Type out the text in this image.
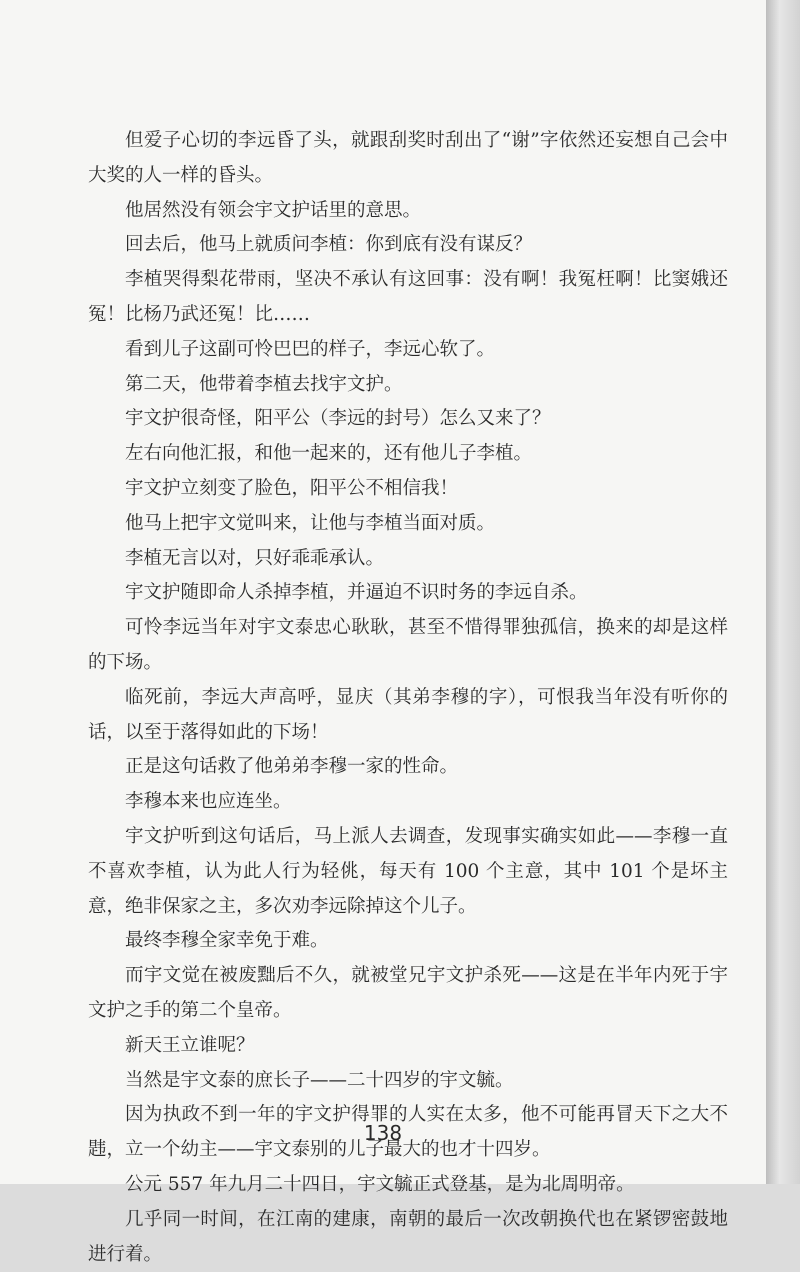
但爱子心切的李远昏了头，就跟刮奖时刮出了“谢”字依然还妄想自己会中大奖的人一样的昏头。

他居然没有领会宇文护话里的意思。

回去后，他马上就质问李植：你到底有没有谋反？

李植哭得梨花带雨，坚决不承认有这回事：没有啊！我冤枉啊！比窦娥还冤！比杨乃武还冤！比……

看到儿子这副可怜巴巴的样子，李远心软了。

第二天，他带着李植去找宇文护。

宇文护很奇怪，阳平公（李远的封号）怎么又来了？

左右向他汇报，和他一起来的，还有他儿子李植。

宇文护立刻变了脸色，阳平公不相信我！

他马上把宇文觉叫来，让他与李植当面对质。

李植无言以对，只好乖乖承认。

宇文护随即命人杀掉李植，并逼迫不识时务的李远自杀。

可怜李远当年对宇文泰忠心耿耿，甚至不惜得罪独孤信，换来的却是这样的下场。

临死前，李远大声高呼，显庆（其弟李穆的字），可恨我当年没有听你的话，以至于落得如此的下场！

正是这句话救了他弟弟李穆一家的性命。

李穆本来也应连坐。

宇文护听到这句话后，马上派人去调查，发现事实确实如此——李穆一直不喜欢李植，认为此人行为轻佻，每天有 100 个主意，其中 101 个是坏主意，绝非保家之主，多次劝李远除掉这个儿子。

最终李穆全家幸免于难。

而宇文觉在被废黜后不久，就被堂兄宇文护杀死——这是在半年内死于宇文护之手的第二个皇帝。

新天王立谁呢？

当然是宇文泰的庶长子——二十四岁的宇文毓。

因为执政不到一年的宇文护得罪的人实在太多，他不可能再冒天下之大不韪，立一个幼主——宇文泰别的儿子最大的也才十四岁。

公元 557 年九月二十四日，宇文毓正式登基，是为北周明帝。

几乎同一时间，在江南的建康，南朝的最后一次改朝换代也在紧锣密鼓地进行着。

138
